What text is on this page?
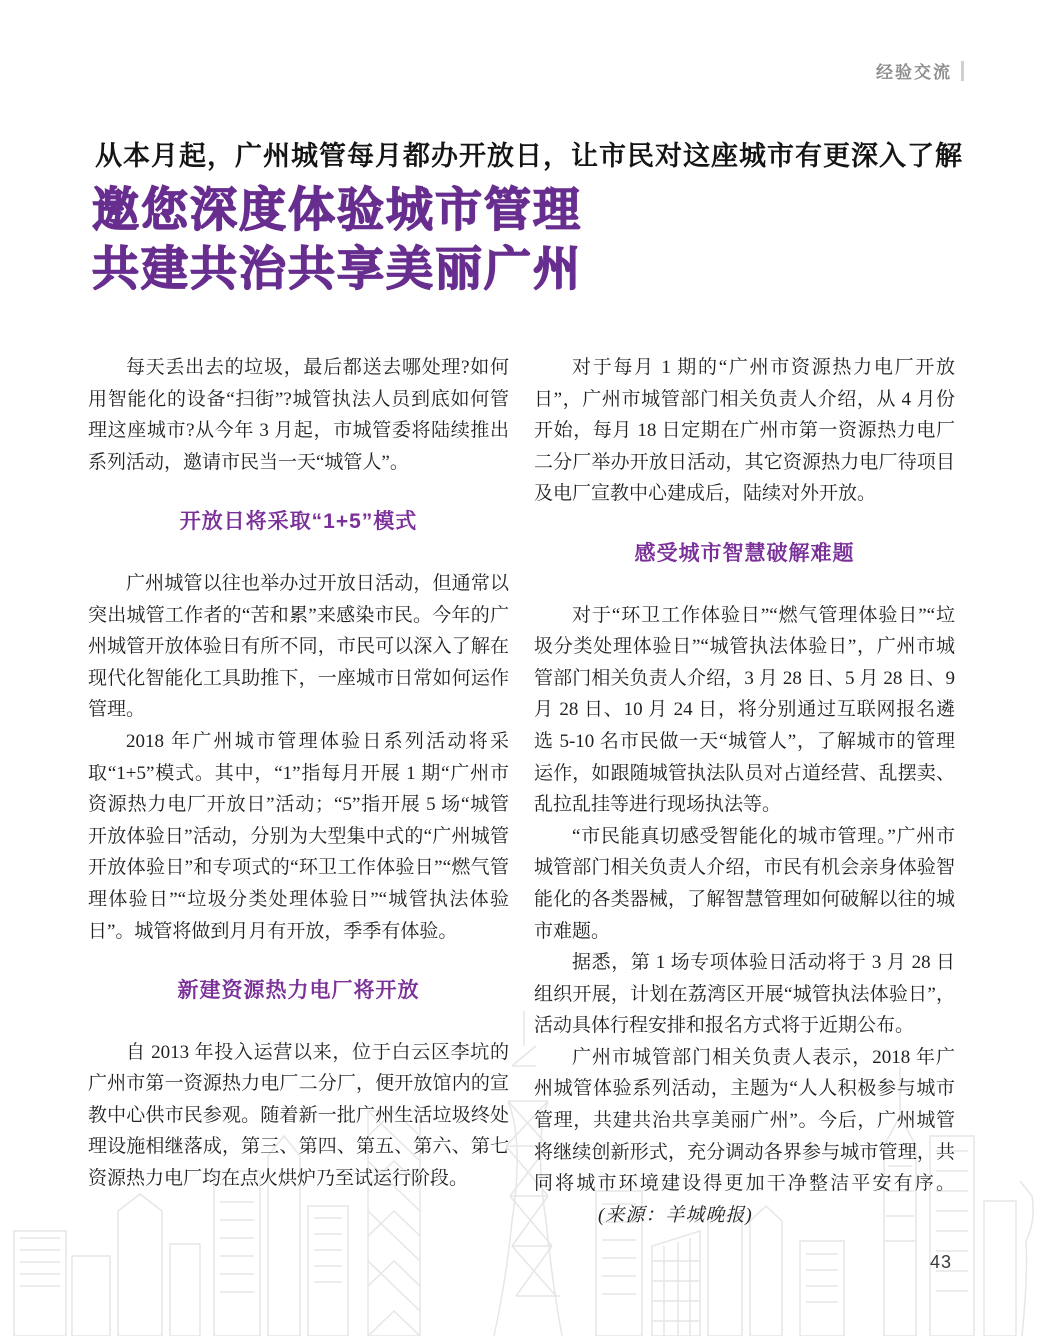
经验交流
从本月起，广州城管每月都办开放日，让市民对这座城市有更深入了解
邀您深度体验城市管理
共建共治共享美丽广州

每天丢出去的垃圾，最后都送去哪处理?如何用智能化的设备“扫街”?城管执法人员到底如何管理这座城市?从今年 3 月起，市城管委将陆续推出系列活动，邀请市民当一天“城管人”。

开放日将采取“1+5”模式

广州城管以往也举办过开放日活动，但通常以突出城管工作者的“苦和累”来感染市民。今年的广州城管开放体验日有所不同，市民可以深入了解在现代化智能化工具助推下，一座城市日常如何运作管理。

2018 年广州城市管理体验日系列活动将采取“1+5”模式。其中，“1”指每月开展 1 期“广州市资源热力电厂开放日”活动；“5”指开展 5 场“城管开放体验日”活动，分别为大型集中式的“广州城管开放体验日”和专项式的“环卫工作体验日”“燃气管理体验日”“垃圾分类处理体验日”“城管执法体验日”。城管将做到月月有开放，季季有体验。

新建资源热力电厂将开放

自 2013 年投入运营以来，位于白云区李坑的广州市第一资源热力电厂二分厂，便开放馆内的宣教中心供市民参观。随着新一批广州生活垃圾终处理设施相继落成，第三、第四、第五、第六、第七资源热力电厂均在点火烘炉乃至试运行阶段。

对于每月 1 期的“广州市资源热力电厂开放日”，广州市城管部门相关负责人介绍，从 4 月份开始，每月 18 日定期在广州市第一资源热力电厂二分厂举办开放日活动，其它资源热力电厂待项目及电厂宣教中心建成后，陆续对外开放。

感受城市智慧破解难题

对于“环卫工作体验日”“燃气管理体验日”“垃圾分类处理体验日”“城管执法体验日”，广州市城管部门相关负责人介绍，3 月 28 日、5 月 28 日、9 月 28 日、10 月 24 日，将分别通过互联网报名遴选 5-10 名市民做一天“城管人”，了解城市的管理运作，如跟随城管执法队员对占道经营、乱摆卖、乱拉乱挂等进行现场执法等。

“市民能真切感受智能化的城市管理。”广州市城管部门相关负责人介绍，市民有机会亲身体验智能化的各类器械，了解智慧管理如何破解以往的城市难题。

据悉，第 1 场专项体验日活动将于 3 月 28 日组织开展，计划在荔湾区开展“城管执法体验日”，活动具体行程安排和报名方式将于近期公布。

广州市城管部门相关负责人表示，2018 年广州城管体验系列活动，主题为“人人积极参与城市管理，共建共治共享美丽广州”。今后，广州城管将继续创新形式，充分调动各界参与城市管理，共同将城市环境建设得更加干净整洁平安有序。(来源：羊城晚报)

43
